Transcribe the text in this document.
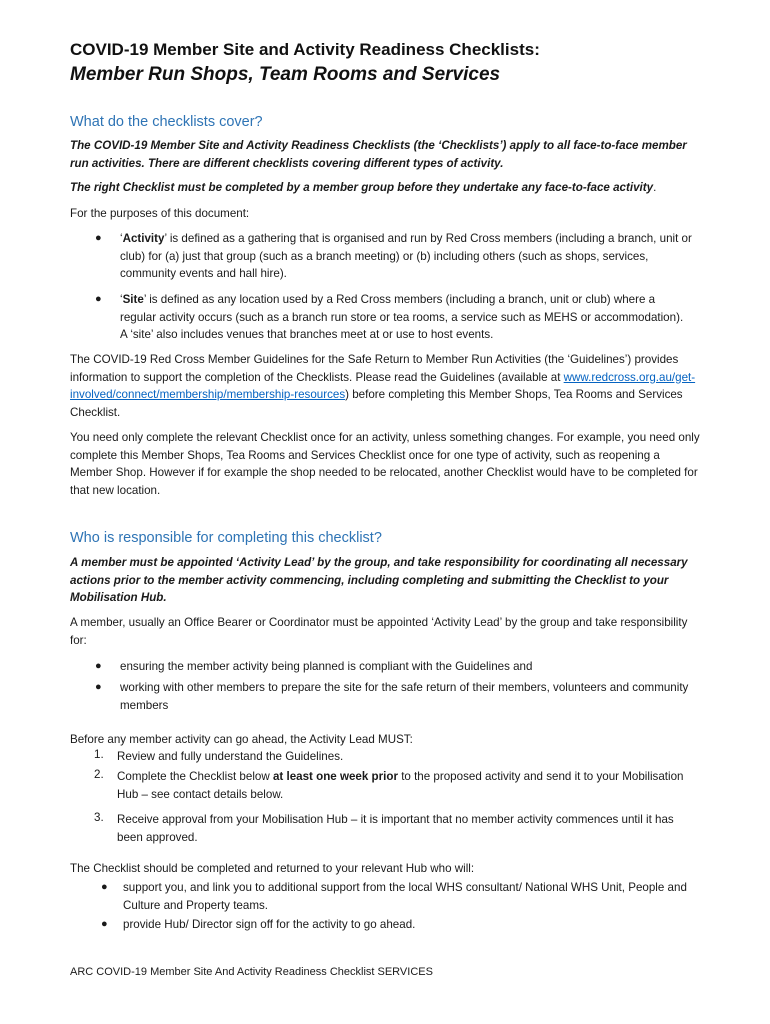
COVID-19 Member Site and Activity Readiness Checklists:
Member Run Shops, Team Rooms and Services
What do the checklists cover?
The COVID-19 Member Site and Activity Readiness Checklists (the ‘Checklists’) apply to all face-to-face member run activities. There are different checklists covering different types of activity.
The right Checklist must be completed by a member group before they undertake any face-to-face activity.
For the purposes of this document:
● ‘Activity’ is defined as a gathering that is organised and run by Red Cross members (including a branch, unit or club) for (a) just that group (such as a branch meeting) or (b) including others (such as shops, services, community events and hall hire).
● ‘Site’ is defined as any location used by a Red Cross members (including a branch, unit or club) where a regular activity occurs (such as a branch run store or tea rooms, a service such as MEHS or accommodation). A ‘site’ also includes venues that branches meet at or use to host events.
The COVID-19 Red Cross Member Guidelines for the Safe Return to Member Run Activities (the ‘Guidelines’) provides information to support the completion of the Checklists. Please read the Guidelines (available at www.redcross.org.au/get-involved/connect/membership/membership-resources) before completing this Member Shops, Tea Rooms and Services Checklist.
You need only complete the relevant Checklist once for an activity, unless something changes. For example, you need only complete this Member Shops, Tea Rooms and Services Checklist once for one type of activity, such as reopening a Member Shop. However if for example the shop needed to be relocated, another Checklist would have to be completed for that new location.
Who is responsible for completing this checklist?
A member must be appointed ‘Activity Lead’ by the group, and take responsibility for coordinating all necessary actions prior to the member activity commencing, including completing and submitting the Checklist to your Mobilisation Hub.
A member, usually an Office Bearer or Coordinator must be appointed ‘Activity Lead’ by the group and take responsibility for:
● ensuring the member activity being planned is compliant with the Guidelines and
● working with other members to prepare the site for the safe return of their members, volunteers and community members
Before any member activity can go ahead, the Activity Lead MUST:
1. Review and fully understand the Guidelines.
2. Complete the Checklist below at least one week prior to the proposed activity and send it to your Mobilisation Hub – see contact details below.
3. Receive approval from your Mobilisation Hub – it is important that no member activity commences until it has been approved.
The Checklist should be completed and returned to your relevant Hub who will:
● support you, and link you to additional support from the local WHS consultant/ National WHS Unit, People and Culture and Property teams.
● provide Hub/ Director sign off for the activity to go ahead.
ARC COVID-19 Member Site And Activity Readiness Checklist SERVICES
